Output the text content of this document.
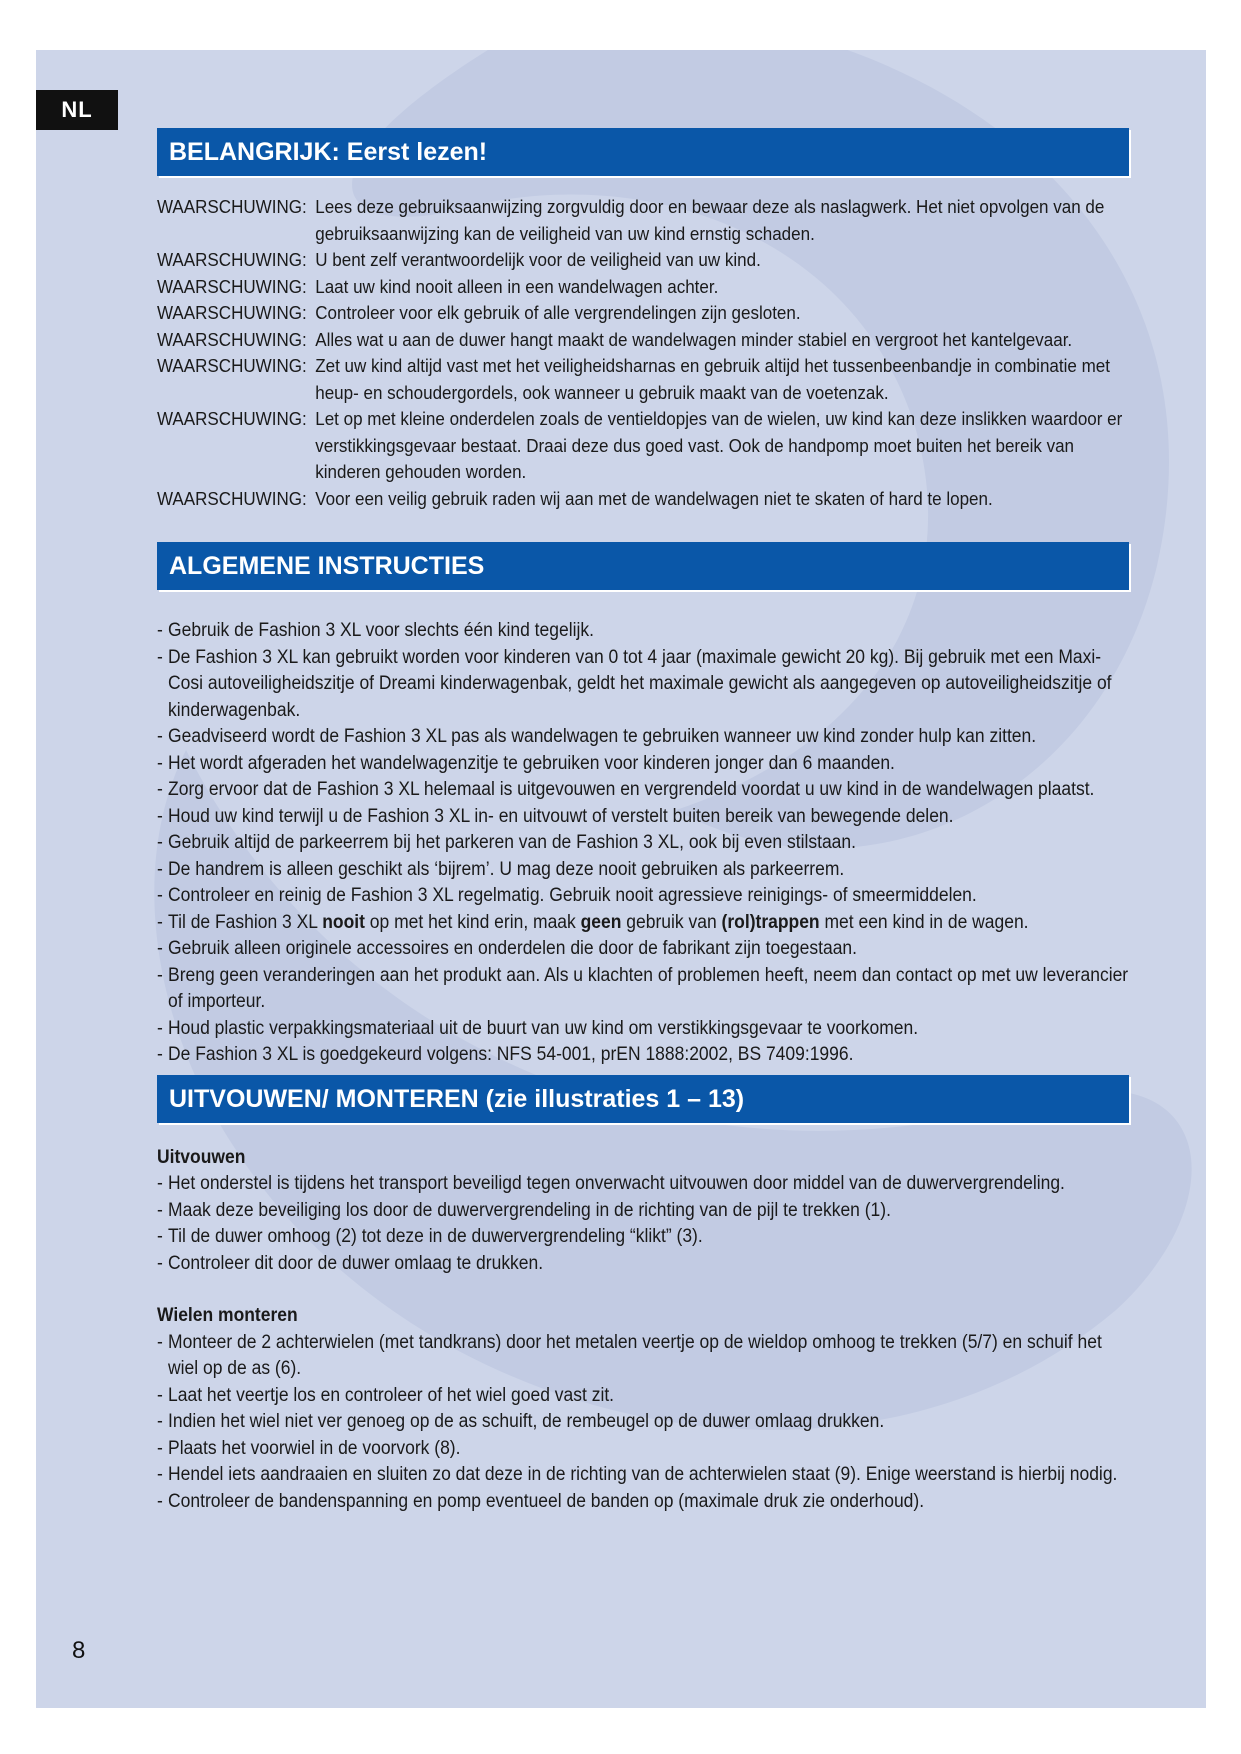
NL
8
BELANGRIJK: Eerst lezen!
WAARSCHUWING: Lees deze gebruiksaanwijzing zorgvuldig door en bewaar deze als naslagwerk. Het niet opvolgen van de gebruiksaanwijzing kan de veiligheid van uw kind ernstig schaden.
WAARSCHUWING: U bent zelf verantwoordelijk voor de veiligheid van uw kind.
WAARSCHUWING: Laat uw kind nooit alleen in een wandelwagen achter.
WAARSCHUWING: Controleer voor elk gebruik of alle vergrendelingen zijn gesloten.
WAARSCHUWING: Alles wat u aan de duwer hangt maakt de wandelwagen minder stabiel en vergroot het kantelgevaar.
WAARSCHUWING: Zet uw kind altijd vast met het veiligheidsharnas en gebruik altijd het tussenbeenbandje in combinatie met heup- en schoudergordels, ook wanneer u gebruik maakt van de voetenzak.
WAARSCHUWING: Let op met kleine onderdelen zoals de ventieldopjes van de wielen, uw kind kan deze inslikken waardoor er verstikkingsgevaar bestaat. Draai deze dus goed vast. Ook de handpomp moet buiten het bereik van kinderen gehouden worden.
WAARSCHUWING: Voor een veilig gebruik raden wij aan met de wandelwagen niet te skaten of hard te lopen.
ALGEMENE INSTRUCTIES
- Gebruik de Fashion 3 XL voor slechts één kind tegelijk.
- De Fashion 3 XL kan gebruikt worden voor kinderen van 0 tot 4 jaar (maximale gewicht 20 kg). Bij gebruik met een Maxi-Cosi autoveiligheidszitje of Dreami kinderwagenbak, geldt het maximale gewicht als aangegeven op autoveiligheidszitje of kinderwagenbak.
- Geadviseerd wordt de Fashion 3 XL pas als wandelwagen te gebruiken wanneer uw kind zonder hulp kan zitten.
- Het wordt afgeraden het wandelwagenzitje te gebruiken voor kinderen jonger dan 6 maanden.
- Zorg ervoor dat de Fashion 3 XL helemaal is uitgevouwen en vergrendeld voordat u uw kind in de wandelwagen plaatst.
- Houd uw kind terwijl u de Fashion 3 XL in- en uitvouwt of verstelt buiten bereik van bewegende delen.
- Gebruik altijd de parkeerrem bij het parkeren van de Fashion 3 XL, ook bij even stilstaan.
- De handrem is alleen geschikt als ‘bijrem’. U mag deze nooit gebruiken als parkeerrem.
- Controleer en reinig de Fashion 3 XL regelmatig. Gebruik nooit agressieve reinigings- of smeermiddelen.
- Til de Fashion 3 XL nooit op met het kind erin, maak geen gebruik van (rol)trappen met een kind in de wagen.
- Gebruik alleen originele accessoires en onderdelen die door de fabrikant zijn toegestaan.
- Breng geen veranderingen aan het produkt aan. Als u klachten of problemen heeft, neem dan contact op met uw leverancier of importeur.
- Houd plastic verpakkingsmateriaal uit de buurt van uw kind om verstikkingsgevaar te voorkomen.
- De Fashion 3 XL is goedgekeurd volgens: NFS 54-001, prEN 1888:2002, BS 7409:1996.
UITVOUWEN/ MONTEREN (zie illustraties 1 – 13)
Uitvouwen
- Het onderstel is tijdens het transport beveiligd tegen onverwacht uitvouwen door middel van de duwervergrendeling.
- Maak deze beveiliging los door de duwervergrendeling in de richting van de pijl te trekken (1).
- Til de duwer omhoog (2) tot deze in de duwervergrendeling “klikt” (3).
- Controleer dit door de duwer omlaag te drukken.
Wielen monteren
- Monteer de 2 achterwielen (met tandkrans) door het metalen veertje op de wieldop omhoog te trekken (5/7) en schuif het wiel op de as (6).
- Laat het veertje los en controleer of het wiel goed vast zit.
- Indien het wiel niet ver genoeg op de as schuift, de rembeugel op de duwer omlaag drukken.
- Plaats het voorwiel in de voorvork (8).
- Hendel iets aandraaien en sluiten zo dat deze in de richting van de achterwielen staat (9). Enige weerstand is hierbij nodig.
- Controleer de bandenspanning en pomp eventueel de banden op (maximale druk zie onderhoud).
